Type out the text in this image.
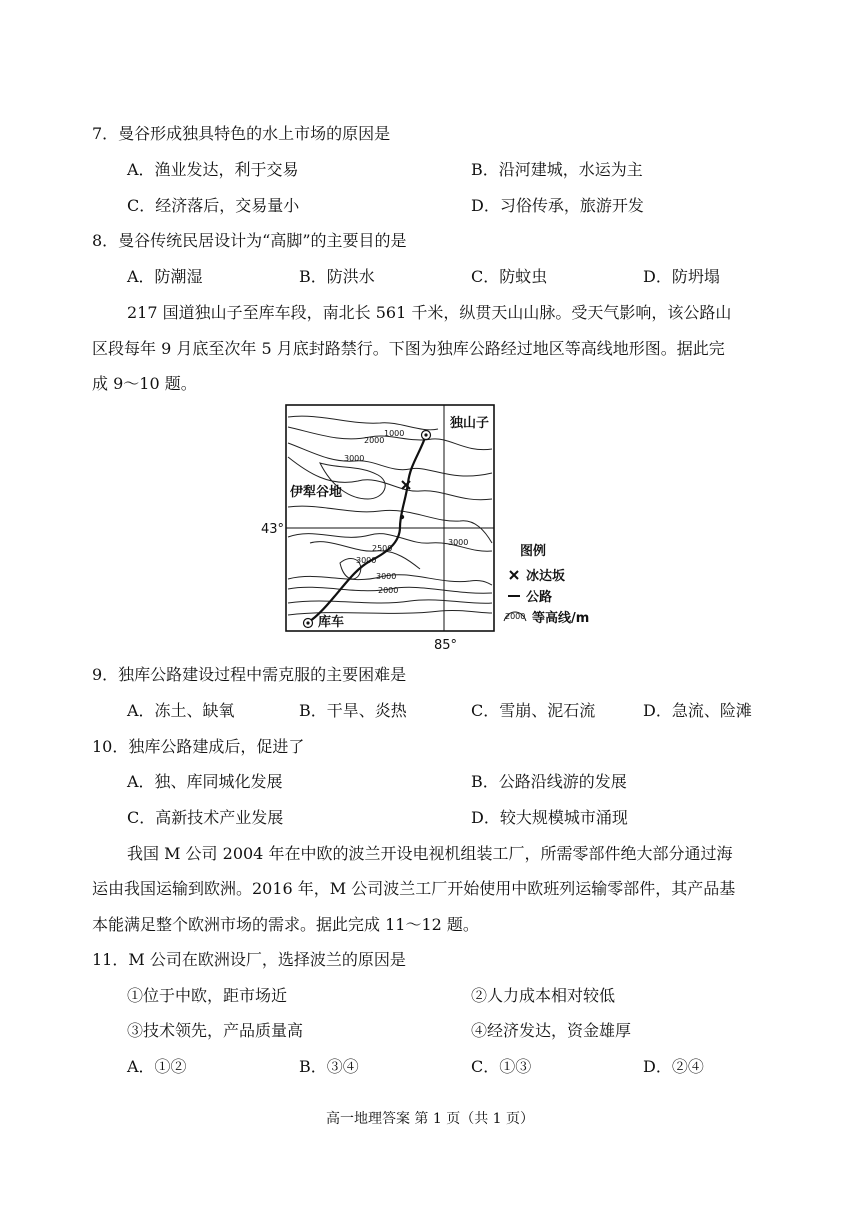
7．曼谷形成独具特色的水上市场的原因是
A．渔业发达，利于交易	B．沿河建城，水运为主
C．经济落后，交易量小	D．习俗传承，旅游开发
8．曼谷传统民居设计为“高脚”的主要目的是
A．防潮湿	B．防洪水	C．防蚊虫	D．防坍塌
217 国道独山子至库车段，南北长 561 千米，纵贯天山山脉。受天气影响，该公路山
区段每年 9 月底至次年 5 月底封路禁行。下图为独库公路经过地区等高线地形图。据此完
成 9～10 题。
1000
2000
3000
3000
2500
3000
3000
2000
独山子
伊犁谷地
库车
43°
85°
图例
冰达坂
公路
2000 等高线/m
9．独库公路建设过程中需克服的主要困难是
A．冻土、缺氧	B．干旱、炎热	C．雪崩、泥石流	D．急流、险滩
10．独库公路建成后，促进了
A．独、库同城化发展	B．公路沿线游的发展
C．高新技术产业发展	D．较大规模城市涌现
我国 M 公司 2004 年在中欧的波兰开设电视机组装工厂，所需零部件绝大部分通过海
运由我国运输到欧洲。2016 年，M 公司波兰工厂开始使用中欧班列运输零部件，其产品基
本能满足整个欧洲市场的需求。据此完成 11～12 题。
11．M 公司在欧洲设厂，选择波兰的原因是
①位于中欧，距市场近	②人力成本相对较低
③技术领先，产品质量高	④经济发达，资金雄厚
A．①②	B．③④	C．①③	D．②④
高一地理答案 第 1 页（共 1 页）
